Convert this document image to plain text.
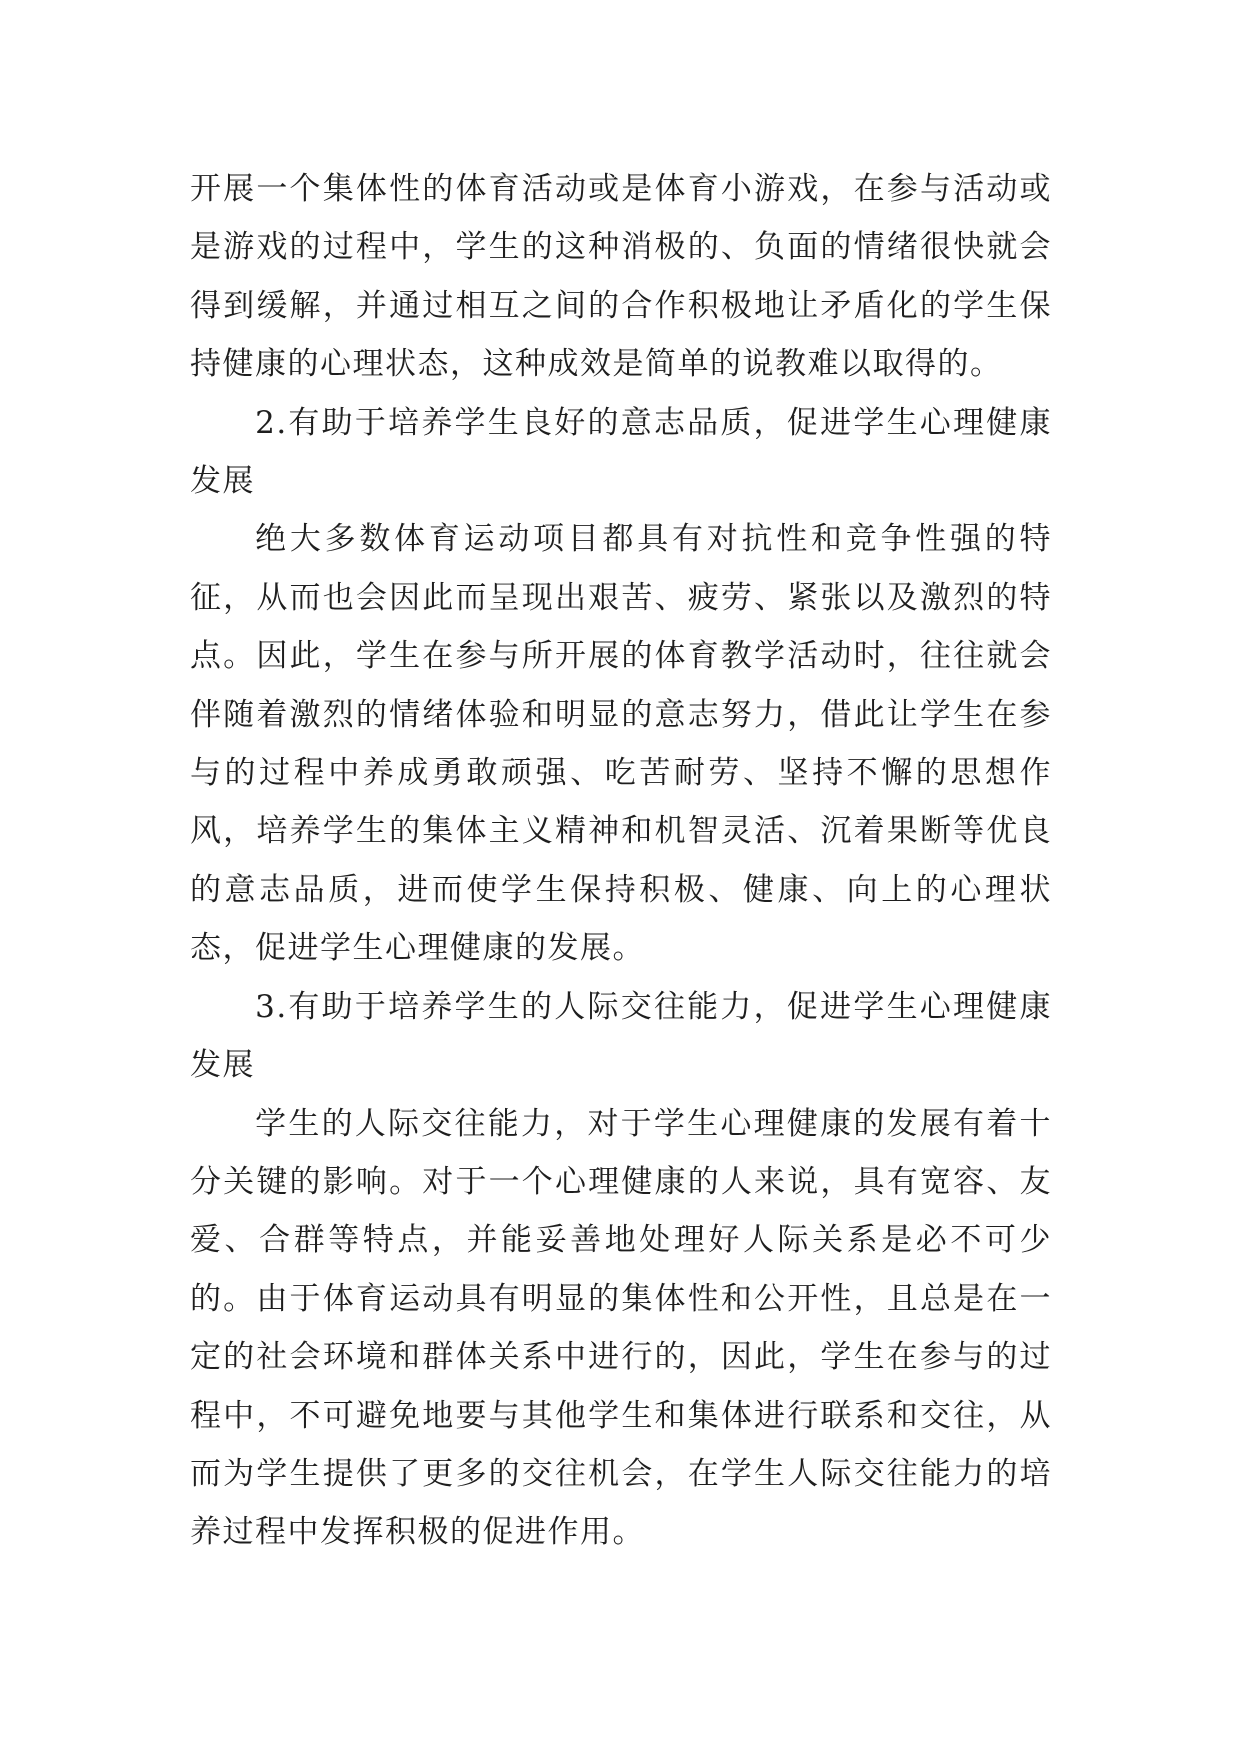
开展一个集体性的体育活动或是体育小游戏，在参与活动或是游戏的过程中，学生的这种消极的、负面的情绪很快就会得到缓解，并通过相互之间的合作积极地让矛盾化的学生保持健康的心理状态，这种成效是简单的说教难以取得的。

2.有助于培养学生良好的意志品质，促进学生心理健康发展

绝大多数体育运动项目都具有对抗性和竞争性强的特征，从而也会因此而呈现出艰苦、疲劳、紧张以及激烈的特点。因此，学生在参与所开展的体育教学活动时，往往就会伴随着激烈的情绪体验和明显的意志努力，借此让学生在参与的过程中养成勇敢顽强、吃苦耐劳、坚持不懈的思想作风，培养学生的集体主义精神和机智灵活、沉着果断等优良的意志品质，进而使学生保持积极、健康、向上的心理状态，促进学生心理健康的发展。

3.有助于培养学生的人际交往能力，促进学生心理健康发展

学生的人际交往能力，对于学生心理健康的发展有着十分关键的影响。对于一个心理健康的人来说，具有宽容、友爱、合群等特点，并能妥善地处理好人际关系是必不可少的。由于体育运动具有明显的集体性和公开性，且总是在一定的社会环境和群体关系中进行的，因此，学生在参与的过程中，不可避免地要与其他学生和集体进行联系和交往，从而为学生提供了更多的交往机会，在学生人际交往能力的培养过程中发挥积极的促进作用。
